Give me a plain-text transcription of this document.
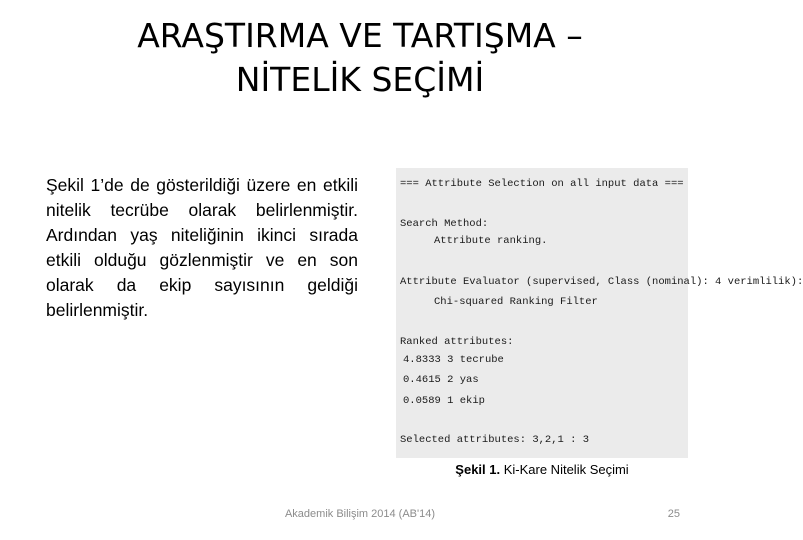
ARAŞTIRMA VE TARTIŞMA –
NİTELİK SEÇİMİ
Şekil 1’de de gösterildiği üzere en etkili nitelik tecrübe olarak belirlenmiştir. Ardından yaş niteliğinin ikinci sırada etkili olduğu gözlenmiştir ve en son olarak da ekip sayısının geldiği belirlenmiştir.
=== Attribute Selection on all input data ===
Search Method:
Attribute ranking.
Attribute Evaluator (supervised, Class (nominal): 4 verimlilik):
Chi-squared Ranking Filter
Ranked attributes:
4.8333 3 tecrube
0.4615 2 yas
0.0589 1 ekip
Selected attributes: 3,2,1 : 3
Şekil 1. Ki-Kare Nitelik Seçimi
Akademik Bilişim 2014 (AB'14)	25
